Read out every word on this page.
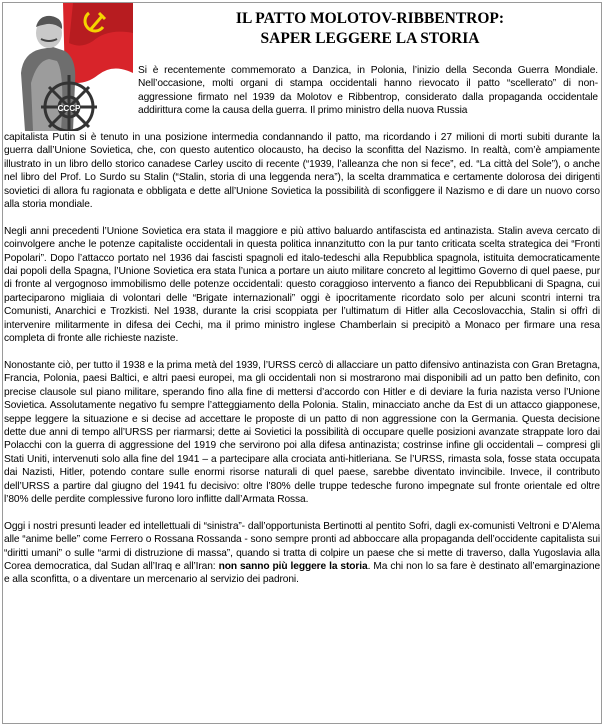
CCCP
IL PATTO MOLOTOV-RIBBENTROP:
SAPER LEGGERE LA STORIA
Si è recentemente commemorato a Danzica, in Polonia, l’inizio della Seconda Guerra Mondiale. Nell’occasione, molti organi di stampa occidentali hanno rievocato il patto “scellerato” di non-aggressione firmato nel 1939 da Molotov e Ribbentrop, considerato dalla propaganda occidentale addirittura come la causa della guerra. Il primo ministro della nuova Russia

capitalista Putin si è tenuto in una posizione intermedia condannando il patto, ma ricordando i 27 milioni di morti subiti durante la guerra dall’Unione Sovietica, che, con questo autentico olocausto, ha deciso la sconfitta del Nazismo. In realtà, com’è ampiamente illustrato in un libro dello storico canadese Carley uscito di recente (“1939, l’alleanza che non si fece”, ed. “La città del Sole”), o anche nel libro del Prof. Lo Surdo su Stalin (“Stalin, storia di una leggenda nera”), la scelta drammatica e certamente dolorosa dei dirigenti sovietici di allora fu ragionata e obbligata e dette all’Unione Sovietica la possibilità di sconfiggere il Nazismo e di dare un nuovo corso alla storia mondiale.

Negli anni precedenti l’Unione Sovietica era stata il maggiore e più attivo baluardo antifascista ed antinazista. Stalin aveva cercato di coinvolgere anche le potenze capitaliste occidentali in questa politica innanzitutto con la pur tanto criticata scelta strategica dei “Fronti Popolari”. Dopo l’attacco portato nel 1936 dai fascisti spagnoli ed italo-tedeschi alla Repubblica spagnola, istituita democraticamente dai popoli della Spagna, l’Unione Sovietica era stata l’unica a portare un aiuto militare concreto al legittimo Governo di quel paese, pur di fronte al vergognoso immobilismo delle potenze occidentali: questo coraggioso intervento a fianco dei Repubblicani di Spagna, cui parteciparono migliaia di volontari delle “Brigate internazionali” oggi è ipocritamente ricordato solo per alcuni scontri interni tra Comunisti, Anarchici e Trozkisti. Nel 1938, durante la crisi scoppiata per l’ultimatum di Hitler alla Cecoslovacchia, Stalin si offrì di intervenire militarmente in difesa dei Cechi, ma il primo ministro inglese Chamberlain si precipitò a Monaco per firmare una resa completa di fronte alle richieste naziste.

Nonostante ciò, per tutto il 1938 e la prima metà del 1939, l’URSS cercò di allacciare un patto difensivo antinazista con Gran Bretagna, Francia, Polonia, paesi Baltici, e altri paesi europei, ma gli occidentali non si mostrarono mai disponibili ad un patto ben definito, con precise clausole sul piano militare, sperando fino alla fine di mettersi d’accordo con Hitler e di deviare la furia nazista verso l’Unione Sovietica. Assolutamente negativo fu sempre l’atteggiamento della Polonia. Stalin, minacciato anche da Est di un attacco giapponese, seppe leggere la situazione e si decise ad accettare le proposte di un patto di non aggressione con la Germania. Questa decisione dette due anni di tempo all’URSS per riarmarsi; dette ai Sovietici la possibilità di occupare quelle posizioni avanzate strappate loro dai Polacchi con la guerra di aggressione del 1919 che servirono poi alla difesa antinazista; costrinse infine gli occidentali – compresi gli Stati Uniti, intervenuti solo alla fine del 1941 – a partecipare alla crociata anti-hitleriana. Se l’URSS, rimasta sola, fosse stata occupata dai Nazisti, Hitler, potendo contare sulle enormi risorse naturali di quel paese, sarebbe diventato invincibile. Invece, il contributo dell’URSS a partire dal giugno del 1941 fu decisivo: oltre l’80% delle truppe tedesche furono impegnate sul fronte orientale ed oltre l’80% delle perdite complessive furono loro inflitte dall’Armata Rossa.

Oggi i nostri presunti leader ed intellettuali di “sinistra”- dall’opportunista Bertinotti al pentito Sofri, dagli ex-comunisti Veltroni e D’Alema alle “anime belle” come Ferrero o Rossana Rossanda - sono sempre pronti ad abboccare alla propaganda dell’occidente capitalista sui “diritti umani” o sulle “armi di distruzione di massa”, quando si tratta di colpire un paese che si mette di traverso, dalla Yugoslavia alla Corea democratica, dal Sudan all’Iraq e all’Iran: non sanno più leggere la storia. Ma chi non lo sa fare è destinato all’emarginazione e alla sconfitta, o a diventare un mercenario al servizio dei padroni.
